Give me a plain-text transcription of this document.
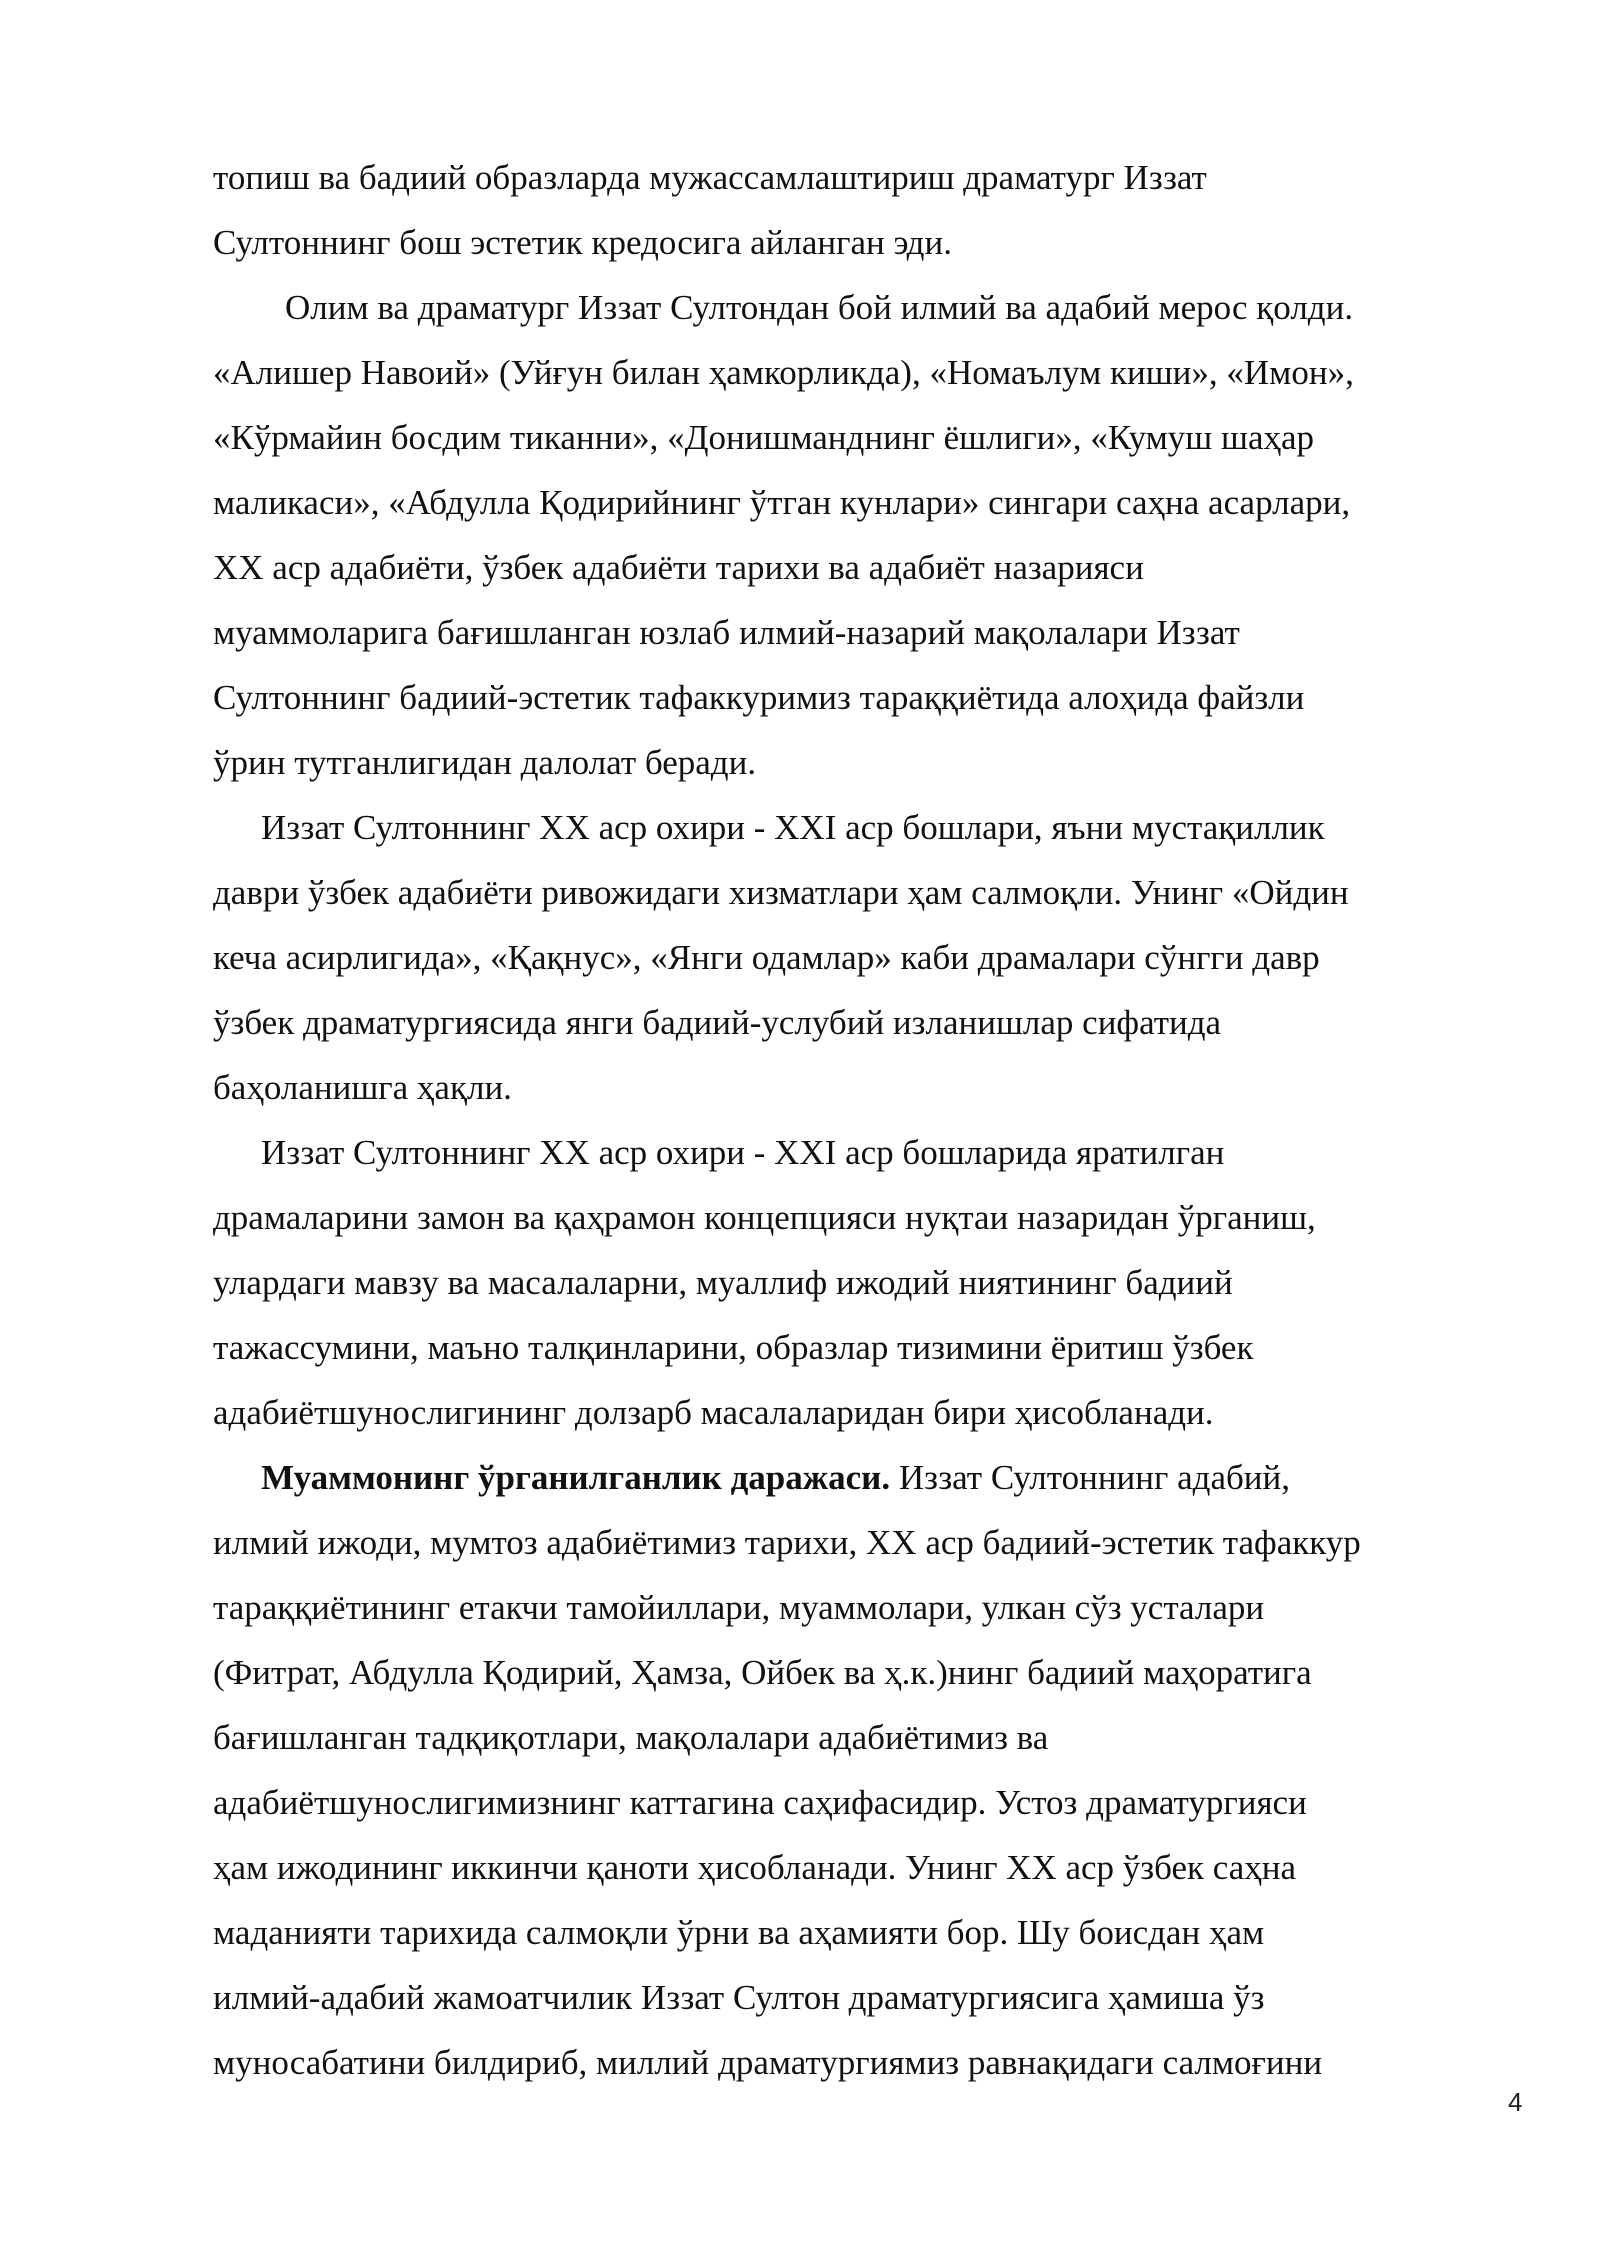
топиш ва бадиий образларда мужассамлаштириш драматург Иззат
Султоннинг бош эстетик кредосига айланган эди.
Олим ва драматург Иззат Султондан бой илмий ва адабий мерос қолди.
«Алишер Навоий» (Уйғун билан ҳамкорликда), «Номаълум киши», «Имон»,
«Кўрмайин босдим тиканни», «Донишманднинг ёшлиги», «Кумуш шаҳар
маликаси», «Абдулла Қодирийнинг ўтган кунлари» сингари саҳна асарлари,
XX аср адабиёти, ўзбек адабиёти тарихи ва адабиёт назарияси
муаммоларига бағишланган юзлаб илмий-назарий мақолалари Иззат
Султоннинг бадиий-эстетик тафаккуримиз тараққиётида алоҳида файзли
ўрин тутганлигидан далолат беради.
Иззат Султоннинг XX аср охири - XXI аср бошлари, яъни мустақиллик
даври ўзбек адабиёти ривожидаги хизматлари ҳам салмоқли. Унинг «Ойдин
кеча асирлигида», «Қақнус», «Янги одамлар» каби драмалари сўнгги давр
ўзбек драматургиясида янги бадиий-услубий изланишлар сифатида
баҳоланишга ҳақли.
Иззат Султоннинг XX аср охири - XXI аср бошларида яратилган
драмаларини замон ва қаҳрамон концепцияси нуқтаи назаридан ўрганиш,
улардаги мавзу ва масалаларни, муаллиф ижодий ниятининг бадиий
тажассумини, маъно талқинларини, образлар тизимини ёритиш ўзбек
адабиётшунослигининг долзарб масалаларидан бири ҳисобланади.
Муаммонинг ўрганилганлик даражаси. Иззат Султоннинг адабий,
илмий ижоди, мумтоз адабиётимиз тарихи, XX аср бадиий-эстетик тафаккур
тараққиётининг етакчи тамойиллари, муаммолари, улкан сўз усталари
(Фитрат, Абдулла Қодирий, Ҳамза, Ойбек ва ҳ.к.)нинг бадиий маҳоратига
бағишланган тадқиқотлари, мақолалари адабиётимиз ва
адабиётшунослигимизнинг каттагина саҳифасидир. Устоз драматургияси
ҳам ижодининг иккинчи қаноти ҳисобланади. Унинг XX аср ўзбек саҳна
маданияти тарихида салмоқли ўрни ва аҳамияти бор. Шу боисдан ҳам
илмий-адабий жамоатчилик Иззат Султон драматургиясига ҳамиша ўз
муносабатини билдириб, миллий драматургиямиз равнақидаги салмоғини
4
